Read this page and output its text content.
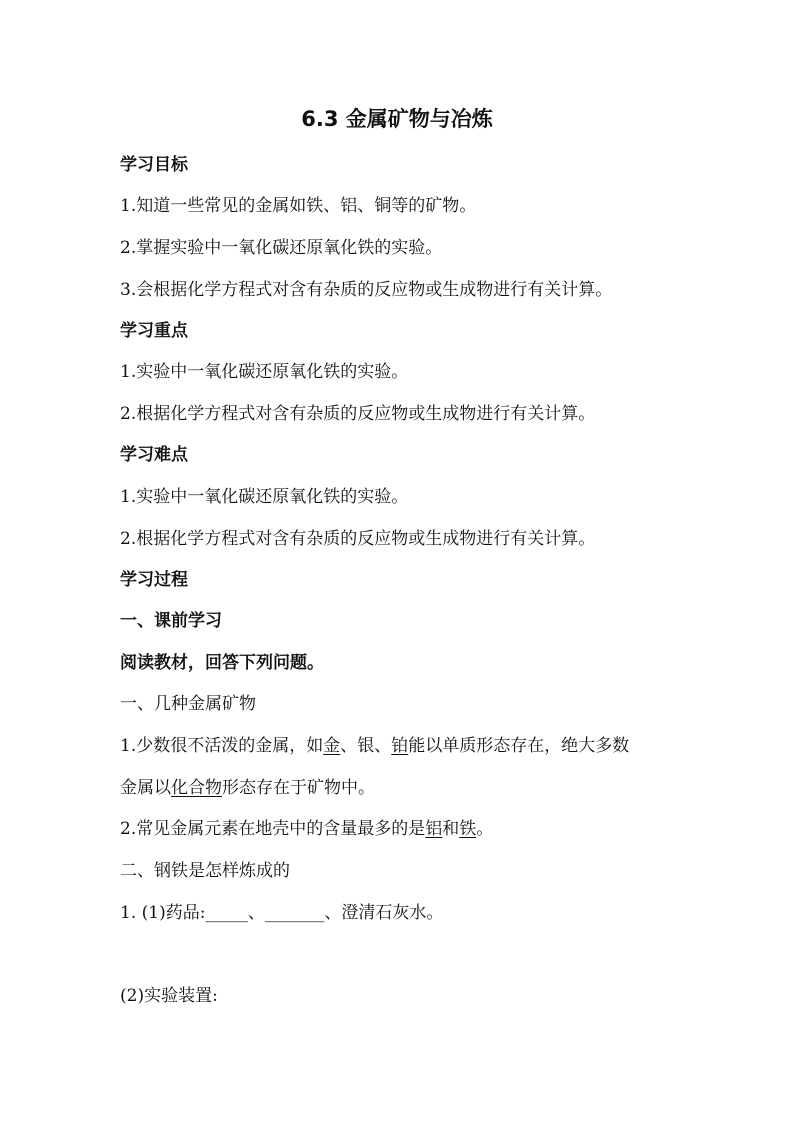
6.3 金属矿物与冶炼
学习目标
1.知道一些常见的金属如铁、铝、铜等的矿物。
2.掌握实验中一氧化碳还原氧化铁的实验。
3.会根据化学方程式对含有杂质的反应物或生成物进行有关计算。
学习重点
1.实验中一氧化碳还原氧化铁的实验。
2.根据化学方程式对含有杂质的反应物或生成物进行有关计算。
学习难点
1.实验中一氧化碳还原氧化铁的实验。
2.根据化学方程式对含有杂质的反应物或生成物进行有关计算。
学习过程
一、课前学习
阅读教材，回答下列问题。
一、几种金属矿物
1.少数很不活泼的金属，如金、银、铂能以单质形态存在，绝大多数
金属以化合物形态存在于矿物中。
2.常见金属元素在地壳中的含量最多的是铝和铁。
二、钢铁是怎样炼成的
1. (1)药品:_____、_______、澄清石灰水。
(2)实验装置:
